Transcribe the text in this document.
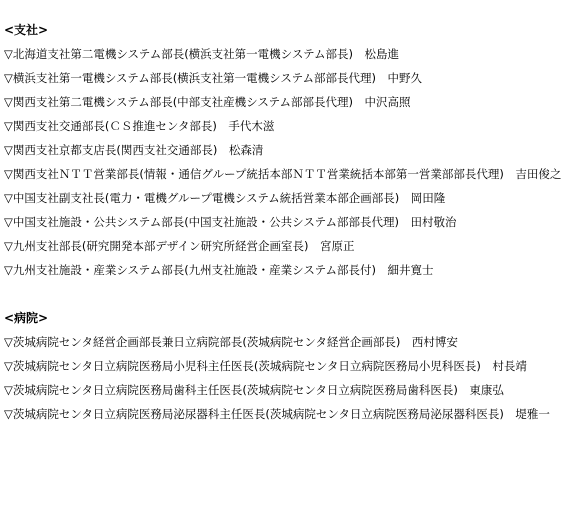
<支社>
▽北海道支社第二電機システム部長(横浜支社第一電機システム部長)　松島進
▽横浜支社第一電機システム部長(横浜支社第一電機システム部部長代理)　中野久
▽関西支社第二電機システム部長(中部支社産機システム部部長代理)　中沢高照
▽関西支社交通部長(ＣＳ推進センタ部長)　手代木滋
▽関西支社京都支店長(関西支社交通部長)　松森清
▽関西支社ＮＴＴ営業部長(情報・通信グループ統括本部ＮＴＴ営業統括本部第一営業部部長代理)　吉田俊之
▽中国支社副支社長(電力・電機グループ電機システム統括営業本部企画部長)　岡田隆
▽中国支社施設・公共システム部長(中国支社施設・公共システム部部長代理)　田村敬治
▽九州支社部長(研究開発本部デザイン研究所経営企画室長)　宮原正
▽九州支社施設・産業システム部長(九州支社施設・産業システム部長付)　細井寛士
<病院>
▽茨城病院センタ経営企画部長兼日立病院部長(茨城病院センタ経営企画部長)　西村博安
▽茨城病院センタ日立病院医務局小児科主任医長(茨城病院センタ日立病院医務局小児科医長)　村長靖
▽茨城病院センタ日立病院医務局歯科主任医長(茨城病院センタ日立病院医務局歯科医長)　東康弘
▽茨城病院センタ日立病院医務局泌尿器科主任医長(茨城病院センタ日立病院医務局泌尿器科医長)　堤雅一
